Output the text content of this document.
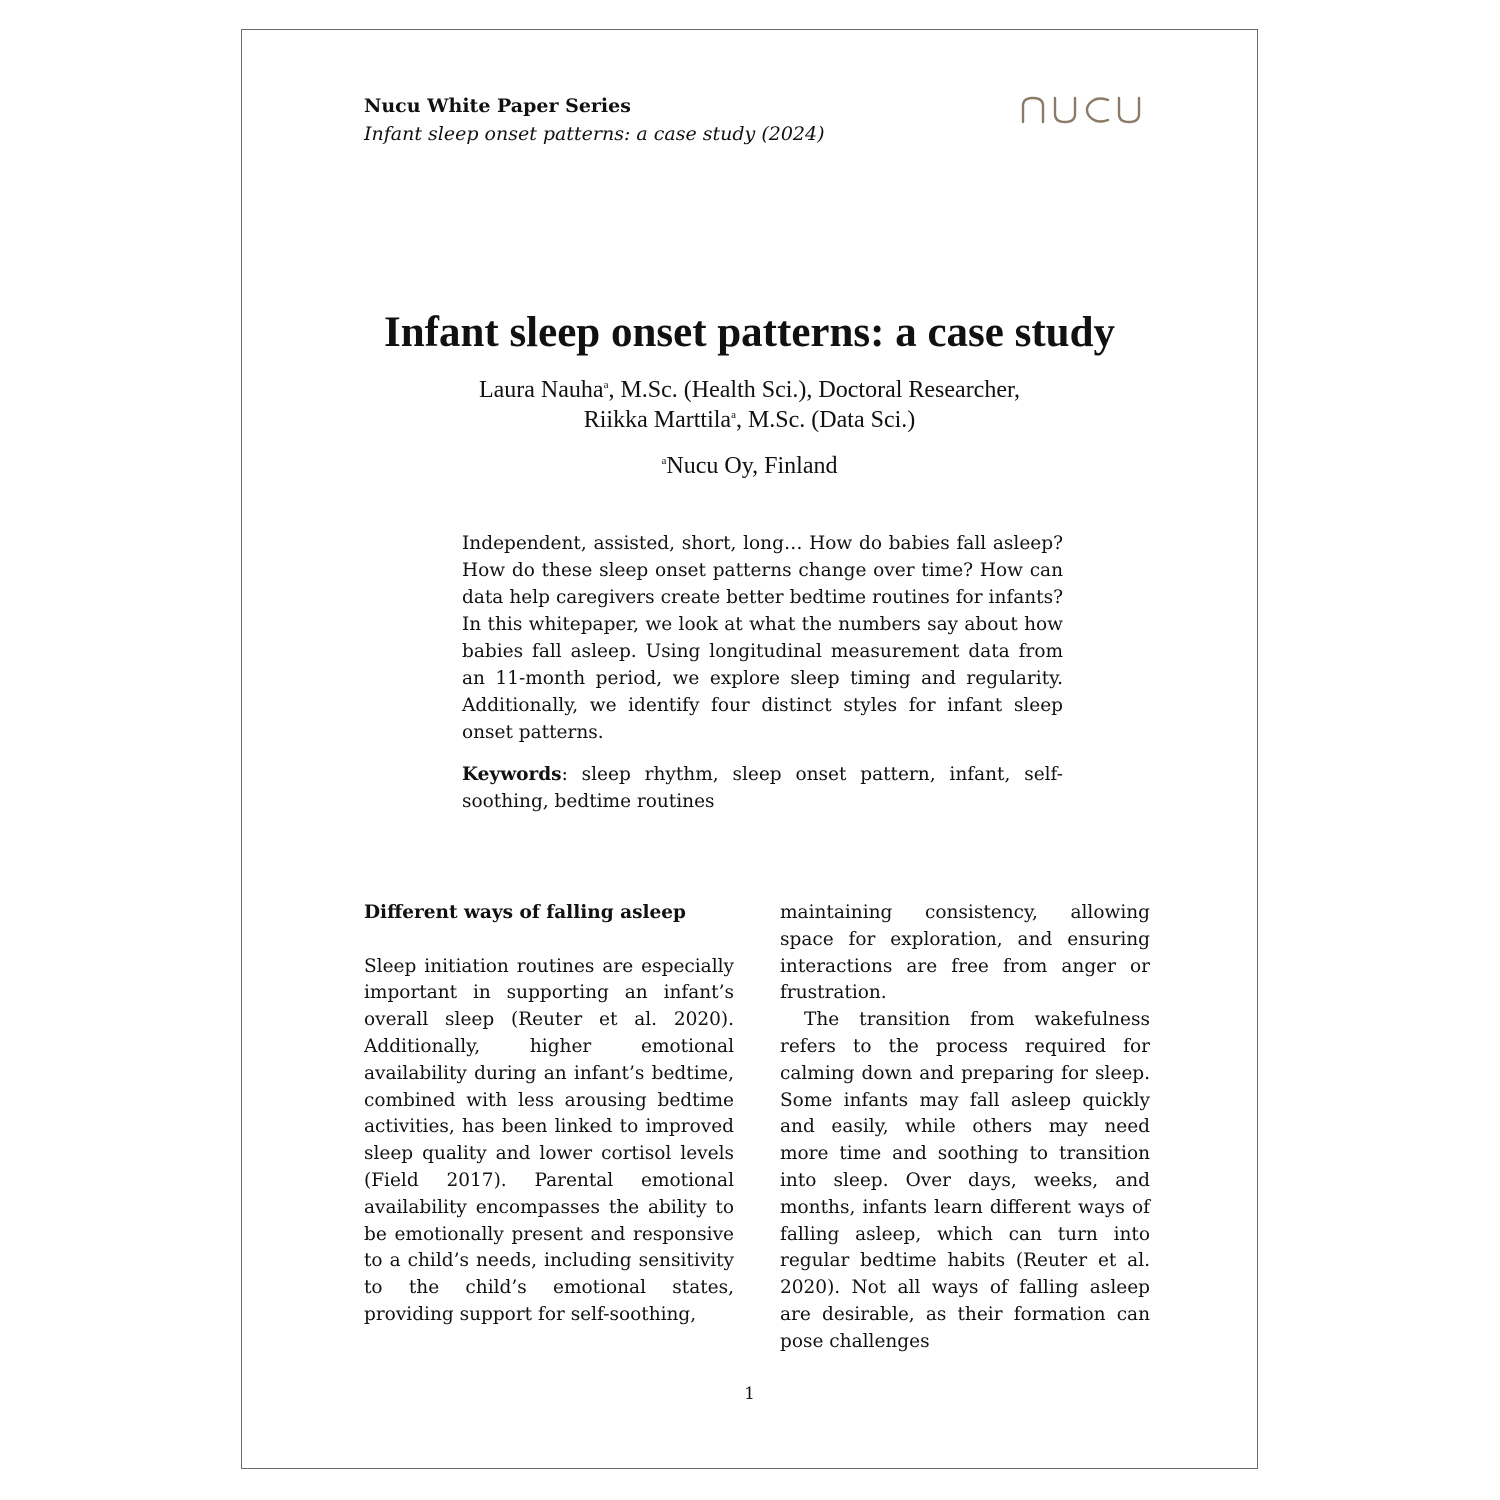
Nucu White Paper Series
Infant sleep onset patterns: a case study (2024)
Infant sleep onset patterns: a case study
Laura Nauha$^a$, M.Sc. (Health Sci.), Doctoral Researcher,
Riikka Marttila$^a$, M.Sc. (Data Sci.)
$^a$Nucu Oy, Finland

Independent, assisted, short, long… How do babies fall asleep? How do these sleep onset patterns change over time? How can data help caregivers create better bedtime routines for infants? In this whitepaper, we look at what the numbers say about how babies fall asleep. Using longitudinal measurement data from an 11-month period, we explore sleep timing and regularity. Additionally, we identify four distinct styles for infant sleep onset patterns.

Keywords: sleep rhythm, sleep onset pattern, infant, self-soothing, bedtime routines

Different ways of falling asleep

Sleep initiation routines are especially important in supporting an infant’s overall sleep (Reuter et al. 2020). Additionally, higher emotional availability during an infant’s bedtime, combined with less arousing bedtime activities, has been linked to improved sleep quality and lower cortisol levels (Field 2017). Parental emotional availability encompasses the ability to be emotionally present and responsive to a child’s needs, including sensitivity to the child’s emotional states, providing support for self-soothing,

maintaining consistency, allowing space for exploration, and ensuring interactions are free from anger or frustration.

The transition from wakefulness refers to the process required for calming down and preparing for sleep. Some infants may fall asleep quickly and easily, while others may need more time and soothing to transition into sleep. Over days, weeks, and months, infants learn different ways of falling asleep, which can turn into regular bedtime habits (Reuter et al. 2020). Not all ways of falling asleep are desirable, as their formation can pose challenges

1
